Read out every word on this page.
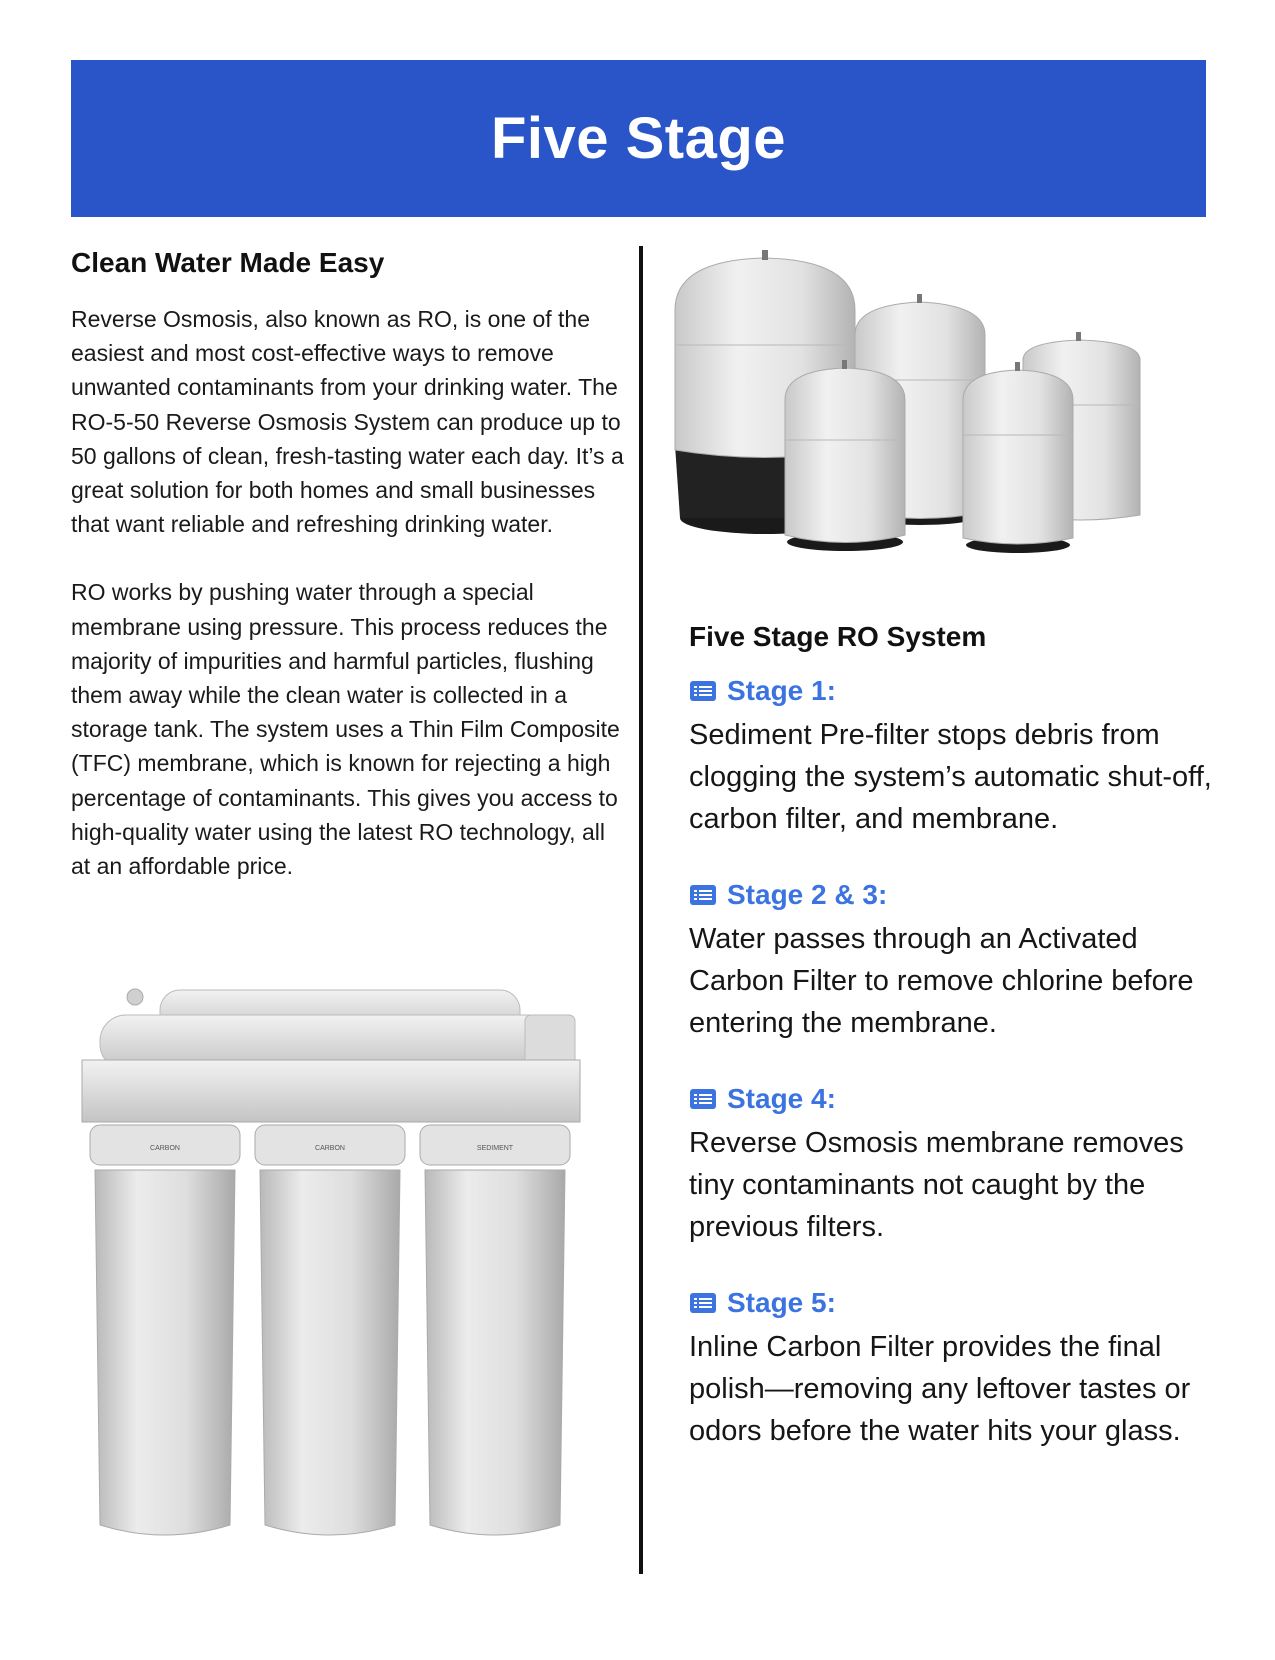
Five Stage
Clean Water Made Easy

Reverse Osmosis, also known as RO, is one of the easiest and most cost-effective ways to remove unwanted contaminants from your drinking water. The RO-5-50 Reverse Osmosis System can produce up to 50 gallons of clean, fresh-tasting water each day. It’s a great solution for both homes and small businesses that want reliable and refreshing drinking water.

RO works by pushing water through a special membrane using pressure. This process reduces the majority of impurities and harmful particles, flushing them away while the clean water is collected in a storage tank. The system uses a Thin Film Composite (TFC) membrane, which is known for rejecting a high percentage of contaminants. This gives you access to high-quality water using the latest RO technology, all at an affordable price.

CARBON	CARBON	SEDIMENT
Five Stage RO System
Stage 1:
Sediment Pre-filter stops debris from clogging the system’s automatic shut-off, carbon filter, and membrane.
Stage 2 & 3:
Water passes through an Activated Carbon Filter to remove chlorine before entering the membrane.
Stage 4:
Reverse Osmosis membrane removes tiny contaminants not caught by the previous filters.
Stage 5:
Inline Carbon Filter provides the final polish—removing any leftover tastes or odors before the water hits your glass.
